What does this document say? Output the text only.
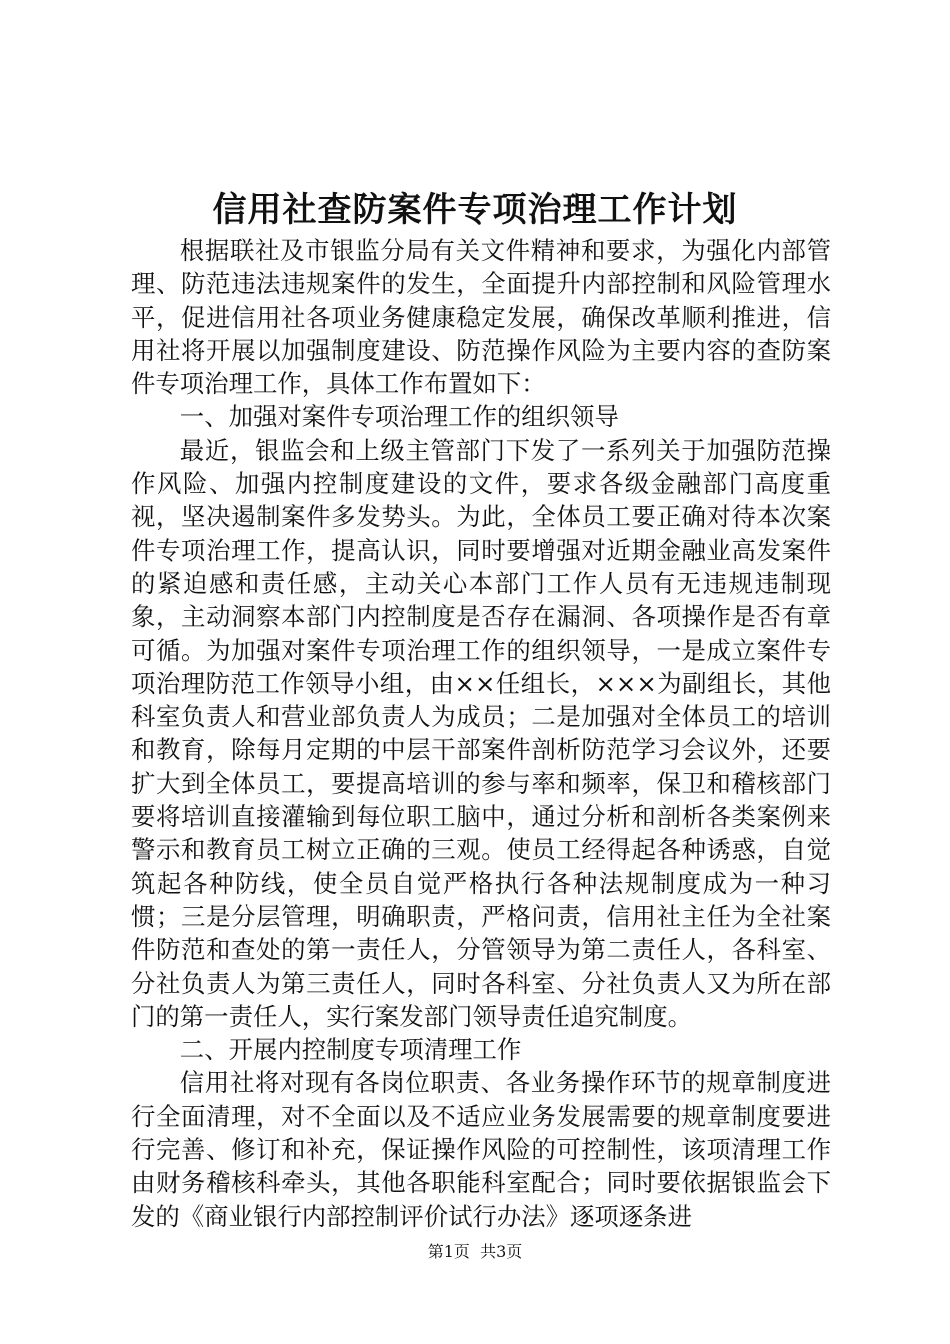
信用社查防案件专项治理工作计划

根据联社及市银监分局有关文件精神和要求，为强化内部管理、防范违法违规案件的发生，全面提升内部控制和风险管理水平，促进信用社各项业务健康稳定发展，确保改革顺利推进，信用社将开展以加强制度建设、防范操作风险为主要内容的查防案件专项治理工作，具体工作布置如下：

一、加强对案件专项治理工作的组织领导

最近，银监会和上级主管部门下发了一系列关于加强防范操作风险、加强内控制度建设的文件，要求各级金融部门高度重视，坚决遏制案件多发势头。为此，全体员工要正确对待本次案件专项治理工作，提高认识，同时要增强对近期金融业高发案件的紧迫感和责任感，主动关心本部门工作人员有无违规违制现象，主动洞察本部门内控制度是否存在漏洞、各项操作是否有章可循。为加强对案件专项治理工作的组织领导，一是成立案件专项治理防范工作领导小组，由××任组长，×××为副组长，其他科室负责人和营业部负责人为成员；二是加强对全体员工的培训和教育，除每月定期的中层干部案件剖析防范学习会议外，还要扩大到全体员工，要提高培训的参与率和频率，保卫和稽核部门要将培训直接灌输到每位职工脑中，通过分析和剖析各类案例来警示和教育员工树立正确的三观。使员工经得起各种诱惑，自觉筑起各种防线，使全员自觉严格执行各种法规制度成为一种习惯；三是分层管理，明确职责，严格问责，信用社主任为全社案件防范和查处的第一责任人，分管领导为第二责任人，各科室、分社负责人为第三责任人，同时各科室、分社负责人又为所在部门的第一责任人，实行案发部门领导责任追究制度。

二、开展内控制度专项清理工作

信用社将对现有各岗位职责、各业务操作环节的规章制度进行全面清理，对不全面以及不适应业务发展需要的规章制度要进行完善、修订和补充，保证操作风险的可控制性，该项清理工作由财务稽核科牵头，其他各职能科室配合；同时要依据银监会下发的《商业银行内部控制评价试行办法》逐项逐条进

第1页  共3页
